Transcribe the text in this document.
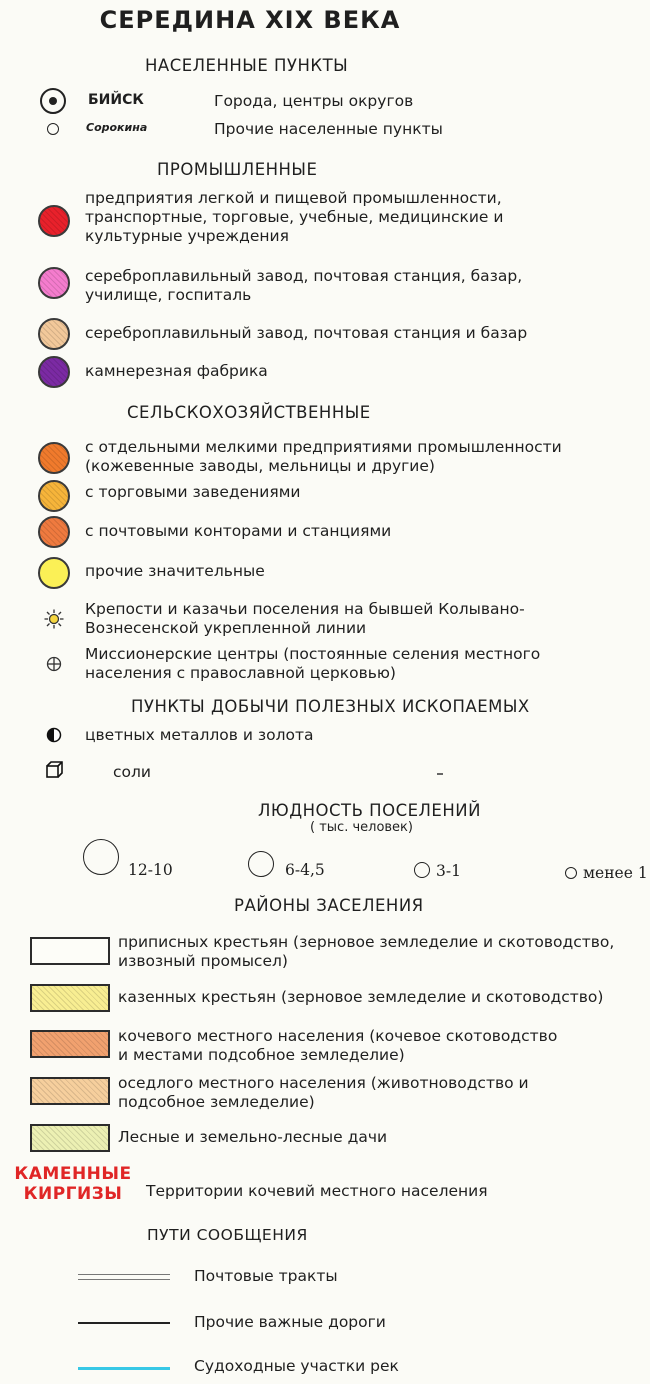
СЕРЕДИНА XIX ВЕКА
НАСЕЛЕННЫЕ ПУНКТЫ
БИЙСК	Города, центры округов
Сорокина	Прочие населенные пункты
ПРОМЫШЛЕННЫЕ
предприятия легкой и пищевой промышленности,
транспортные, торговые, учебные, медицинские и
культурные учреждения
сереброплавильный завод, почтовая станция, базар,
училище, госпиталь
сереброплавильный завод, почтовая станция и базар
камнерезная фабрика
СЕЛЬСКОХОЗЯЙСТВЕННЫЕ
с отдельными мелкими предприятиями промышленности
(кожевенные заводы, мельницы и другие)
с торговыми заведениями
с почтовыми конторами и станциями
прочие значительные
Крепости и казачьи поселения на бывшей Колывано-
Вознесенской укрепленной линии
Миссионерские центры (постоянные селения местного
населения с православной церковью)
ПУНКТЫ ДОБЫЧИ ПОЛЕЗНЫХ ИСКОПАЕМЫХ
цветных металлов и золота
соли
ЛЮДНОСТЬ ПОСЕЛЕНИЙ
( тыс. человек)
12-10	6-4,5	3-1	менее 1
РАЙОНЫ ЗАСЕЛЕНИЯ
приписных крестьян (зерновое земледелие и скотоводство,
извозный промысел)
казенных крестьян (зерновое земледелие и скотоводство)
кочевого местного населения (кочевое скотоводство
и местами подсобное земледелие)
оседлого местного населения (животноводство и
подсобное земледелие)
Лесные и земельно-лесные дачи
КАМЕННЫЕ
КИРГИЗЫ	Территории кочевий местного населения
ПУТИ СООБЩЕНИЯ
Почтовые тракты
Прочие важные дороги
Судоходные участки рек
